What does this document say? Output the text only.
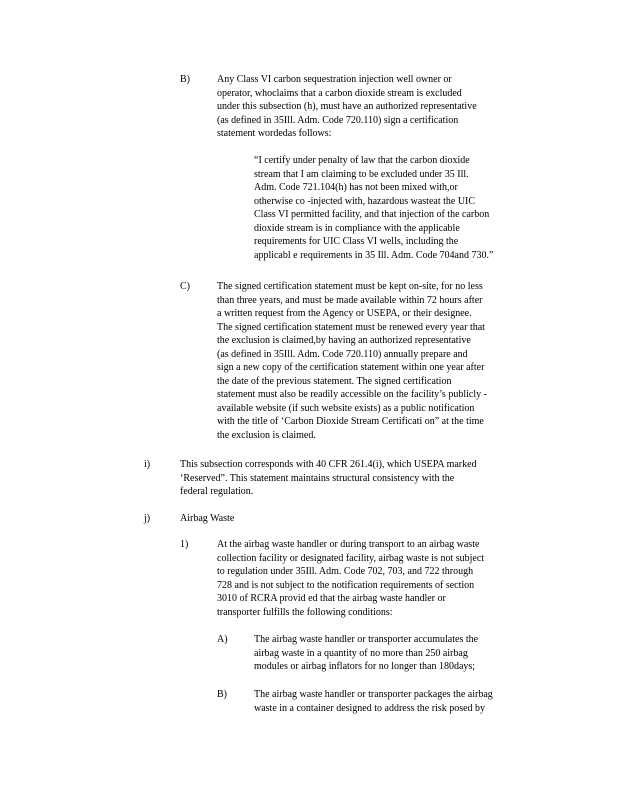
B)	Any Class VI carbon sequestration injection well owner or
operator, whoclaims that a carbon dioxide stream is excluded
under this subsection (h), must have an authorized representative
(as defined in 35Ill. Adm. Code 720.110) sign a certification
statement wordedas follows:
“I certify under penalty of law that the carbon dioxide
stream that I am claiming to be excluded under 35 Ill.
Adm. Code 721.104(h) has not been mixed with,or
otherwise co -injected with, hazardous wasteat the UIC
Class VI permitted facility, and that injection of the carbon
dioxide stream is in compliance with the applicable
requirements for UIC Class VI wells, including the
applicabl e requirements in 35 Ill. Adm. Code 704and 730.”
C)	The signed certification statement must be kept on-site, for no less
than three years, and must be made available within 72 hours after
a written request from the Agency or USEPA, or their designee.
The signed certification statement must be renewed every year that
the exclusion is claimed,by having an authorized representative
(as defined in 35Ill. Adm. Code 720.110) annually prepare and
sign a new copy of the certification statement within one year after
the date of the previous statement. The signed certification
statement must also be readily accessible on the facility’s publicly -
available website (if such website exists) as a public notification
with the title of ‘Carbon Dioxide Stream Certificati on” at the time
the exclusion is claimed.
i)	This subsection corresponds with 40 CFR 261.4(i), which USEPA marked
‘Reserved”. This statement maintains structural consistency with the
federal regulation.
j)	Airbag Waste
1)	At the airbag waste handler or during transport to an airbag waste
collection facility or designated facility, airbag waste is not subject
to regulation under 35Ill. Adm. Code 702, 703, and 722 through
728 and is not subject to the notification requirements of section
3010 of RCRA provid ed that the airbag waste handler or
transporter fulfills the following conditions:
A)	The airbag waste handler or transporter accumulates the
airbag waste in a quantity of no more than 250 airbag
modules or airbag inflators for no longer than 180days;
B)	The airbag waste handler or transporter packages the airbag
waste in a container designed to address the risk posed by
